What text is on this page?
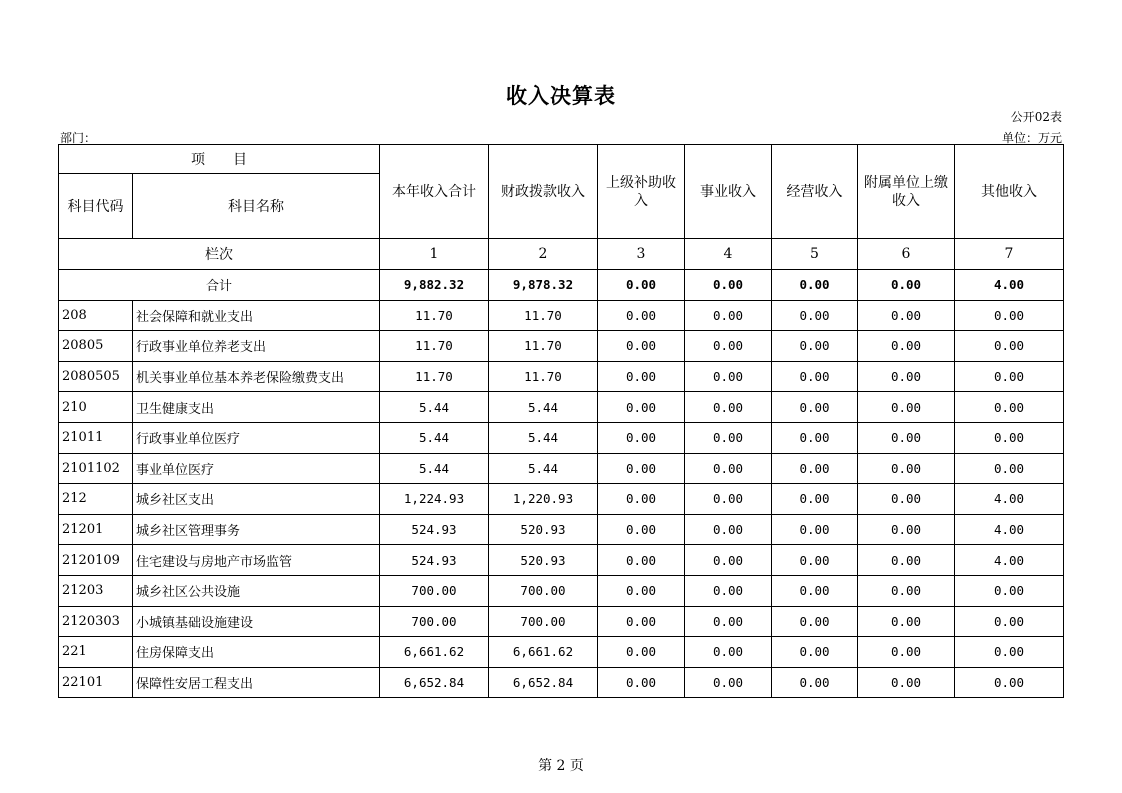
收入决算表
公开02表
部门：	单位：万元
项　　目		本年收入合计	财政拨款收入	上级补助收入	事业收入	经营收入	附属单位上缴收入	其他收入
科目代码	科目名称							
栏次		1	2	3	4	5	6	7
合计		9,882.32	9,878.32	0.00	0.00	0.00	0.00	4.00
208	社会保障和就业支出	11.70	11.70	0.00	0.00	0.00	0.00	0.00
20805	行政事业单位养老支出	11.70	11.70	0.00	0.00	0.00	0.00	0.00
2080505	机关事业单位基本养老保险缴费支出	11.70	11.70	0.00	0.00	0.00	0.00	0.00
210	卫生健康支出	5.44	5.44	0.00	0.00	0.00	0.00	0.00
21011	行政事业单位医疗	5.44	5.44	0.00	0.00	0.00	0.00	0.00
2101102	事业单位医疗	5.44	5.44	0.00	0.00	0.00	0.00	0.00
212	城乡社区支出	1,224.93	1,220.93	0.00	0.00	0.00	0.00	4.00
21201	城乡社区管理事务	524.93	520.93	0.00	0.00	0.00	0.00	4.00
2120109	住宅建设与房地产市场监管	524.93	520.93	0.00	0.00	0.00	0.00	4.00
21203	城乡社区公共设施	700.00	700.00	0.00	0.00	0.00	0.00	0.00
2120303	小城镇基础设施建设	700.00	700.00	0.00	0.00	0.00	0.00	0.00
221	住房保障支出	6,661.62	6,661.62	0.00	0.00	0.00	0.00	0.00
22101	保障性安居工程支出	6,652.84	6,652.84	0.00	0.00	0.00	0.00	0.00
第 2 页
